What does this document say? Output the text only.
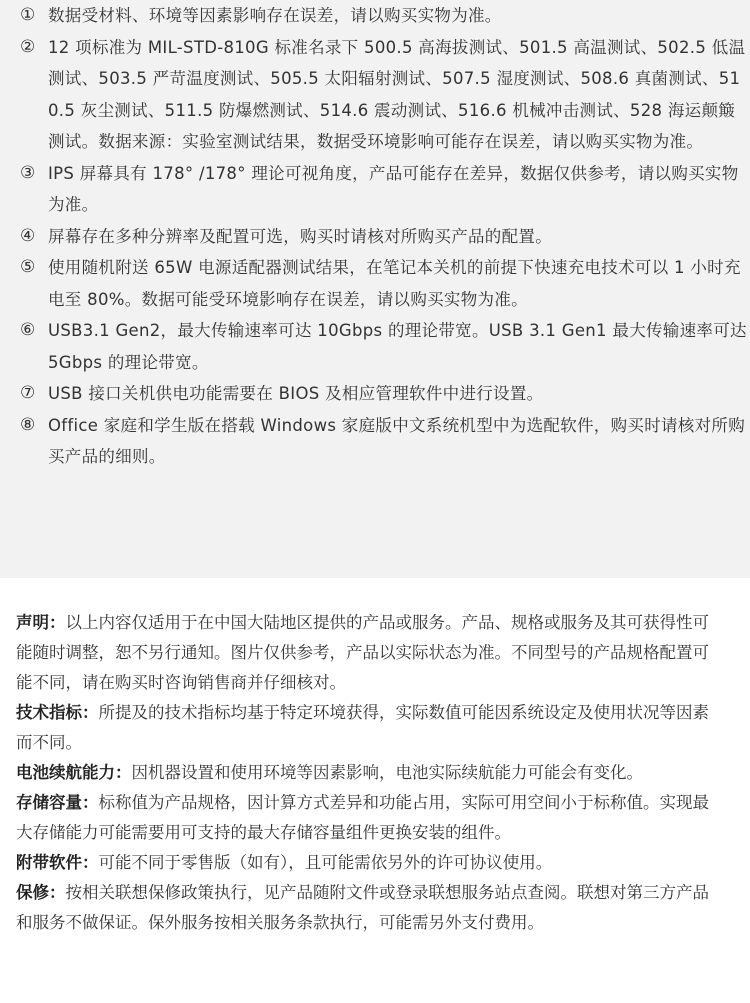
① 数据受材料、环境等因素影响存在误差，请以购买实物为准。
② 12 项标准为 MIL-STD-810G 标准名录下 500.5 高海拔测试、501.5 高温测试、502.5 低温测试、503.5 严苛温度测试、505.5 太阳辐射测试、507.5 湿度测试、508.6 真菌测试、510.5 灰尘测试、511.5 防爆燃测试、514.6 震动测试、516.6 机械冲击测试、528 海运颠簸测试。数据来源：实验室测试结果，数据受环境影响可能存在误差，请以购买实物为准。
③ IPS 屏幕具有 178° /178° 理论可视角度，产品可能存在差异，数据仅供参考，请以购买实物为准。
④ 屏幕存在多种分辨率及配置可选，购买时请核对所购买产品的配置。
⑤ 使用随机附送 65W 电源适配器测试结果，在笔记本关机的前提下快速充电技术可以 1 小时充电至 80%。数据可能受环境影响存在误差，请以购买实物为准。
⑥ USB3.1 Gen2，最大传输速率可达 10Gbps 的理论带宽。USB 3.1 Gen1 最大传输速率可达 5Gbps 的理论带宽。
⑦ USB 接口关机供电功能需要在 BIOS 及相应管理软件中进行设置。
⑧ Office 家庭和学生版在搭载 Windows 家庭版中文系统机型中为选配软件，购买时请核对所购买产品的细则。

声明：以上内容仅适用于在中国大陆地区提供的产品或服务。产品、规格或服务及其可获得性可能随时调整，恕不另行通知。图片仅供参考，产品以实际状态为准。不同型号的产品规格配置可能不同，请在购买时咨询销售商并仔细核对。

技术指标：所提及的技术指标均基于特定环境获得，实际数值可能因系统设定及使用状况等因素而不同。

电池续航能力：因机器设置和使用环境等因素影响，电池实际续航能力可能会有变化。

存储容量：标称值为产品规格，因计算方式差异和功能占用，实际可用空间小于标称值。实现最大存储能力可能需要用可支持的最大存储容量组件更换安装的组件。

附带软件：可能不同于零售版（如有），且可能需依另外的许可协议使用。

保修：按相关联想保修政策执行，见产品随附文件或登录联想服务站点查阅。联想对第三方产品和服务不做保证。保外服务按相关服务条款执行，可能需另外支付费用。
